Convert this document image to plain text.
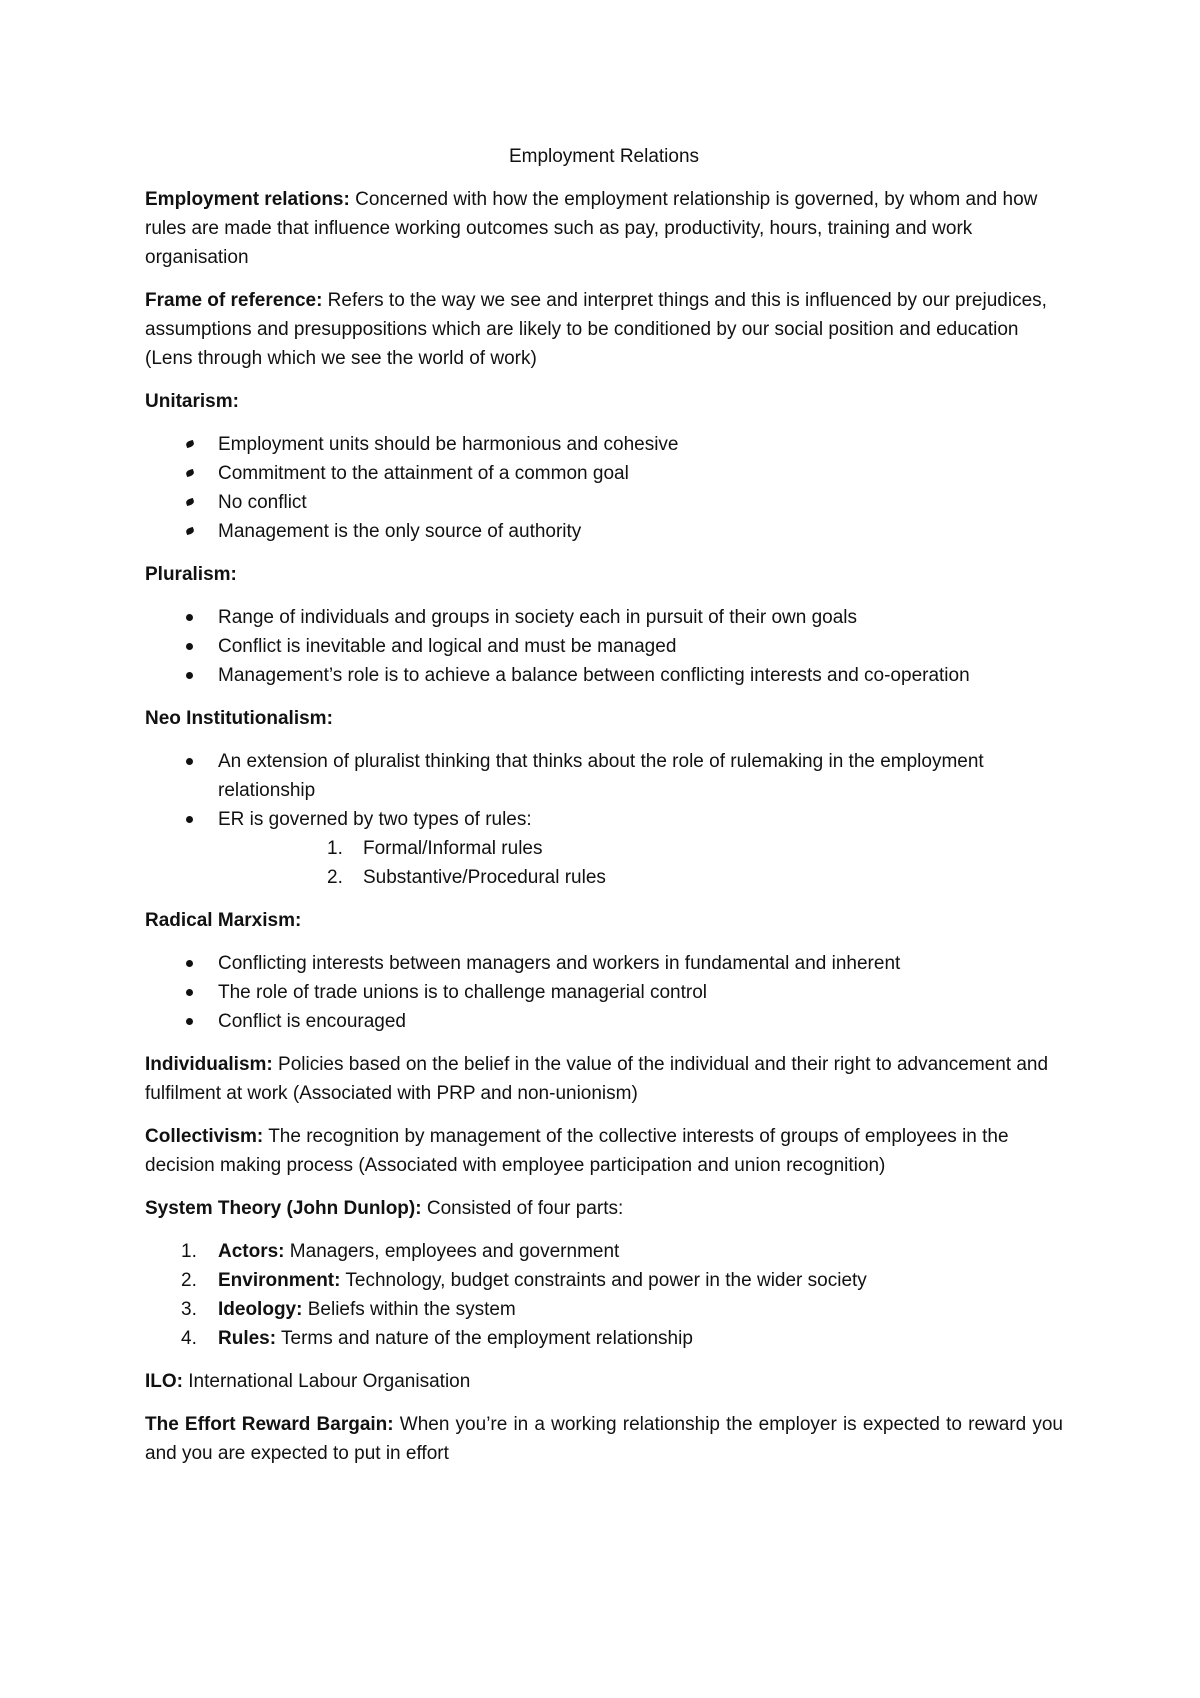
Employment Relations

Employment relations: Concerned with how the employment relationship is governed, by whom and how rules are made that influence working outcomes such as pay, productivity, hours, training and work organisation

Frame of reference: Refers to the way we see and interpret things and this is influenced by our prejudices, assumptions and presuppositions which are likely to be conditioned by our social position and education (Lens through which we see the world of work)

Unitarism:
Employment units should be harmonious and cohesive
Commitment to the attainment of a common goal
No conflict
Management is the only source of authority
Pluralism:
Range of individuals and groups in society each in pursuit of their own goals
Conflict is inevitable and logical and must be managed
Management’s role is to achieve a balance between conflicting interests and co-operation
Neo Institutionalism:
An extension of pluralist thinking that thinks about the role of rulemaking in the employment relationship
ER is governed by two types of rules:
1. Formal/Informal rules
2. Substantive/Procedural rules
Radical Marxism:
Conflicting interests between managers and workers in fundamental and inherent
The role of trade unions is to challenge managerial control
Conflict is encouraged

Individualism: Policies based on the belief in the value of the individual and their right to advancement and fulfilment at work (Associated with PRP and non-unionism)

Collectivism: The recognition by management of the collective interests of groups of employees in the decision making process (Associated with employee participation and union recognition)

System Theory (John Dunlop): Consisted of four parts:

1. Actors: Managers, employees and government
2. Environment: Technology, budget constraints and power in the wider society
3. Ideology: Beliefs within the system
4. Rules: Terms and nature of the employment relationship

ILO: International Labour Organisation

The Effort Reward Bargain: When you’re in a working relationship the employer is expected to reward you and you are expected to put in effort
